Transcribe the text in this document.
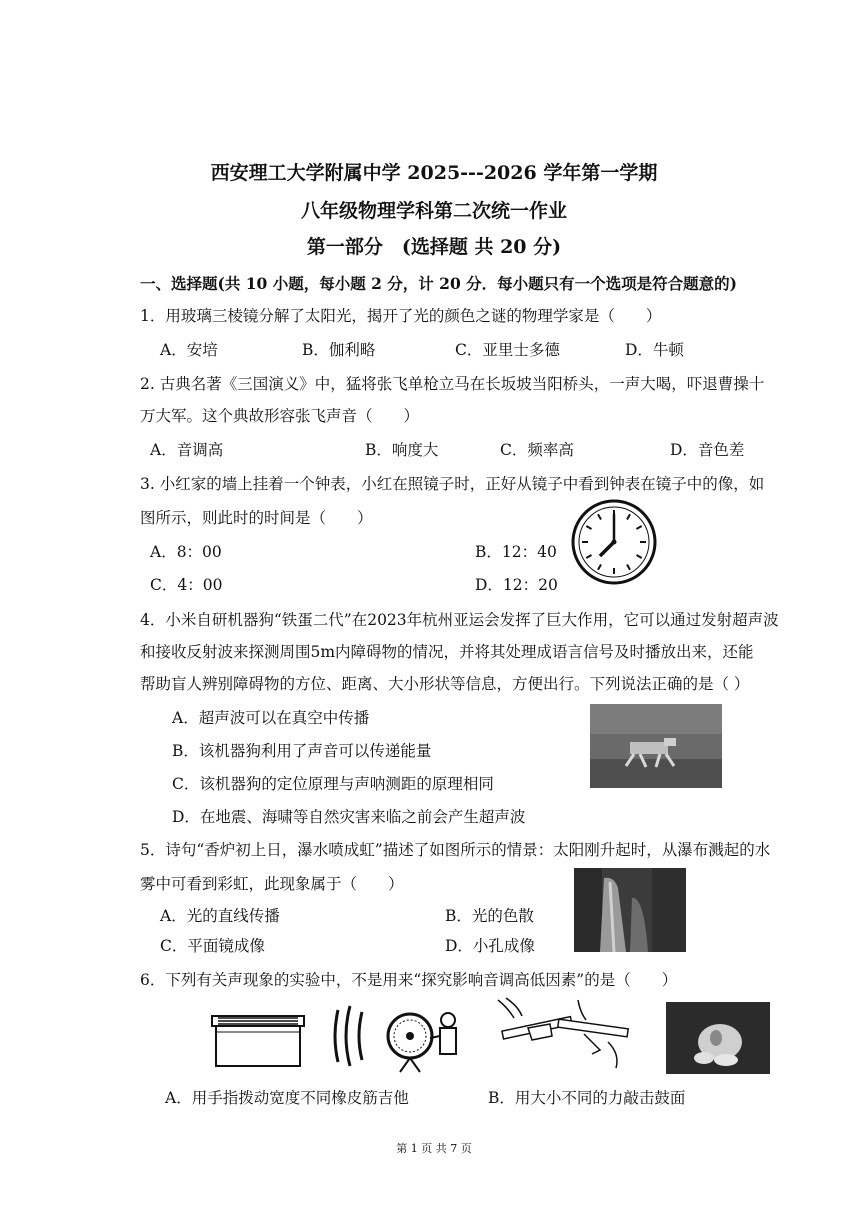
西安理工大学附属中学 2025---2026 学年第一学期
八年级物理学科第二次统一作业
第一部分　(选择题 共 20 分)
一、选择题(共 10 小题，每小题 2 分，计 20 分．每小题只有一个选项是符合题意的)
1．用玻璃三棱镜分解了太阳光，揭开了光的颜色之谜的物理学家是（　　）
A．安培	B．伽利略	C．亚里士多德	D．牛顿
2. 古典名著《三国演义》中，猛将张飞单枪立马在长坂坡当阳桥头，一声大喝，吓退曹操十
万大军。这个典故形容张飞声音（　　）
A．音调高	B．响度大	C．频率高	D．音色差
3. 小红家的墙上挂着一个钟表，小红在照镜子时，正好从镜子中看到钟表在镜子中的像，如
图所示，则此时的时间是（　　）
A．8：00	B．12：40
C．4：00	D．12：20
4．小米自研机器狗“铁蛋二代”在2023年杭州亚运会发挥了巨大作用，它可以通过发射超声波
和接收反射波来探测周围5m内障碍物的情况，并将其处理成语言信号及时播放出来，还能
帮助盲人辨别障碍物的方位、距离、大小形状等信息，方便出行。下列说法正确的是（ ）
A．超声波可以在真空中传播
B．该机器狗利用了声音可以传递能量
C．该机器狗的定位原理与声呐测距的原理相同
D．在地震、海啸等自然灾害来临之前会产生超声波
5．诗句“香炉初上日，瀑水喷成虹”描述了如图所示的情景：太阳刚升起时，从瀑布溅起的水
雾中可看到彩虹，此现象属于（　　）
A．光的直线传播	B．光的色散
C．平面镜成像	D．小孔成像
6．下列有关声现象的实验中，不是用来“探究影响音调高低因素”的是（　　）
A．用手指拨动宽度不同橡皮筋吉他	B．用大小不同的力敲击鼓面
第 1 页 共 7 页
